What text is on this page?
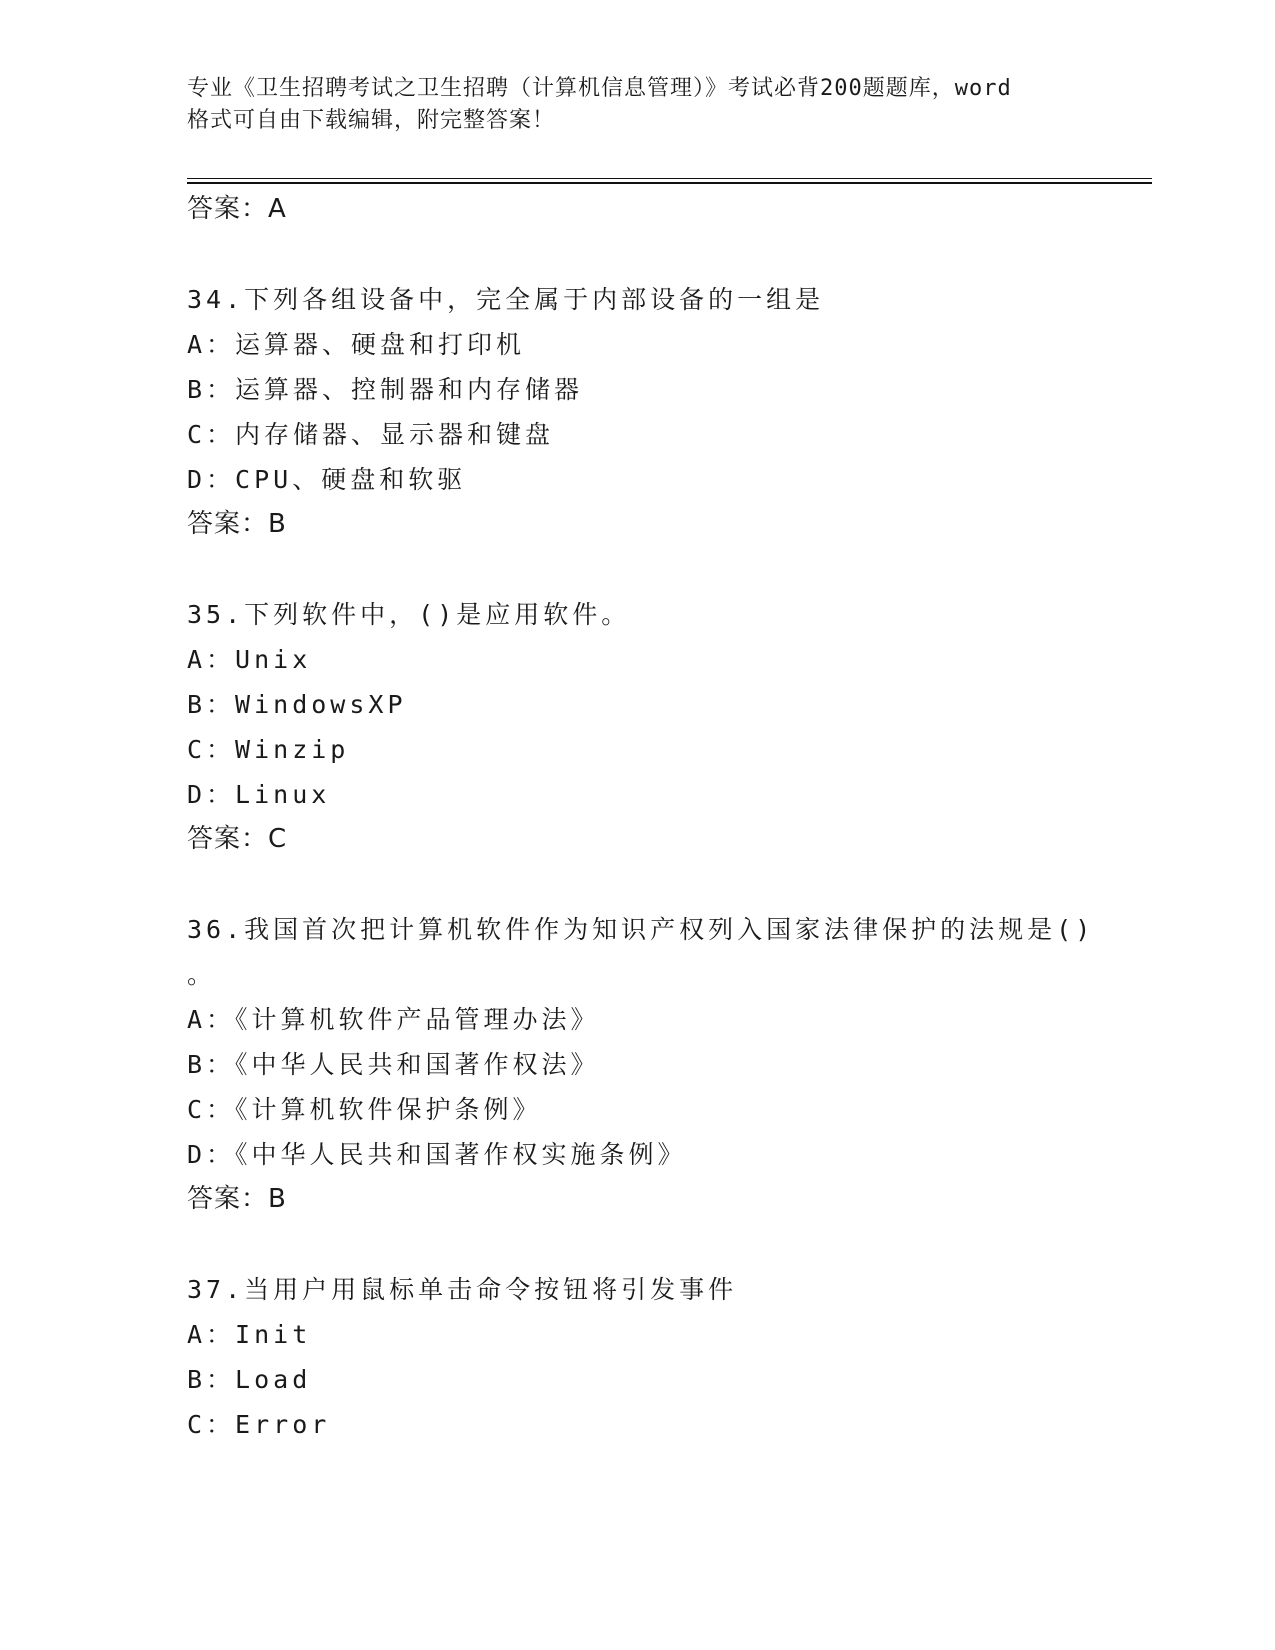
专业《卫生招聘考试之卫生招聘（计算机信息管理）》考试必背200题题库，word
格式可自由下载编辑，附完整答案！
答案：A
34.下列各组设备中，完全属于内部设备的一组是
A：运算器、硬盘和打印机
B：运算器、控制器和内存储器
C：内存储器、显示器和键盘
D：CPU、硬盘和软驱
答案：B
35.下列软件中，()是应用软件。
A：Unix
B：WindowsXP
C：Winzip
D：Linux
答案：C
36.我国首次把计算机软件作为知识产权列入国家法律保护的法规是()
。
A：《计算机软件产品管理办法》
B：《中华人民共和国著作权法》
C：《计算机软件保护条例》
D：《中华人民共和国著作权实施条例》
答案：B
37.当用户用鼠标单击命令按钮将引发事件
A：Init
B：Load
C：Error
